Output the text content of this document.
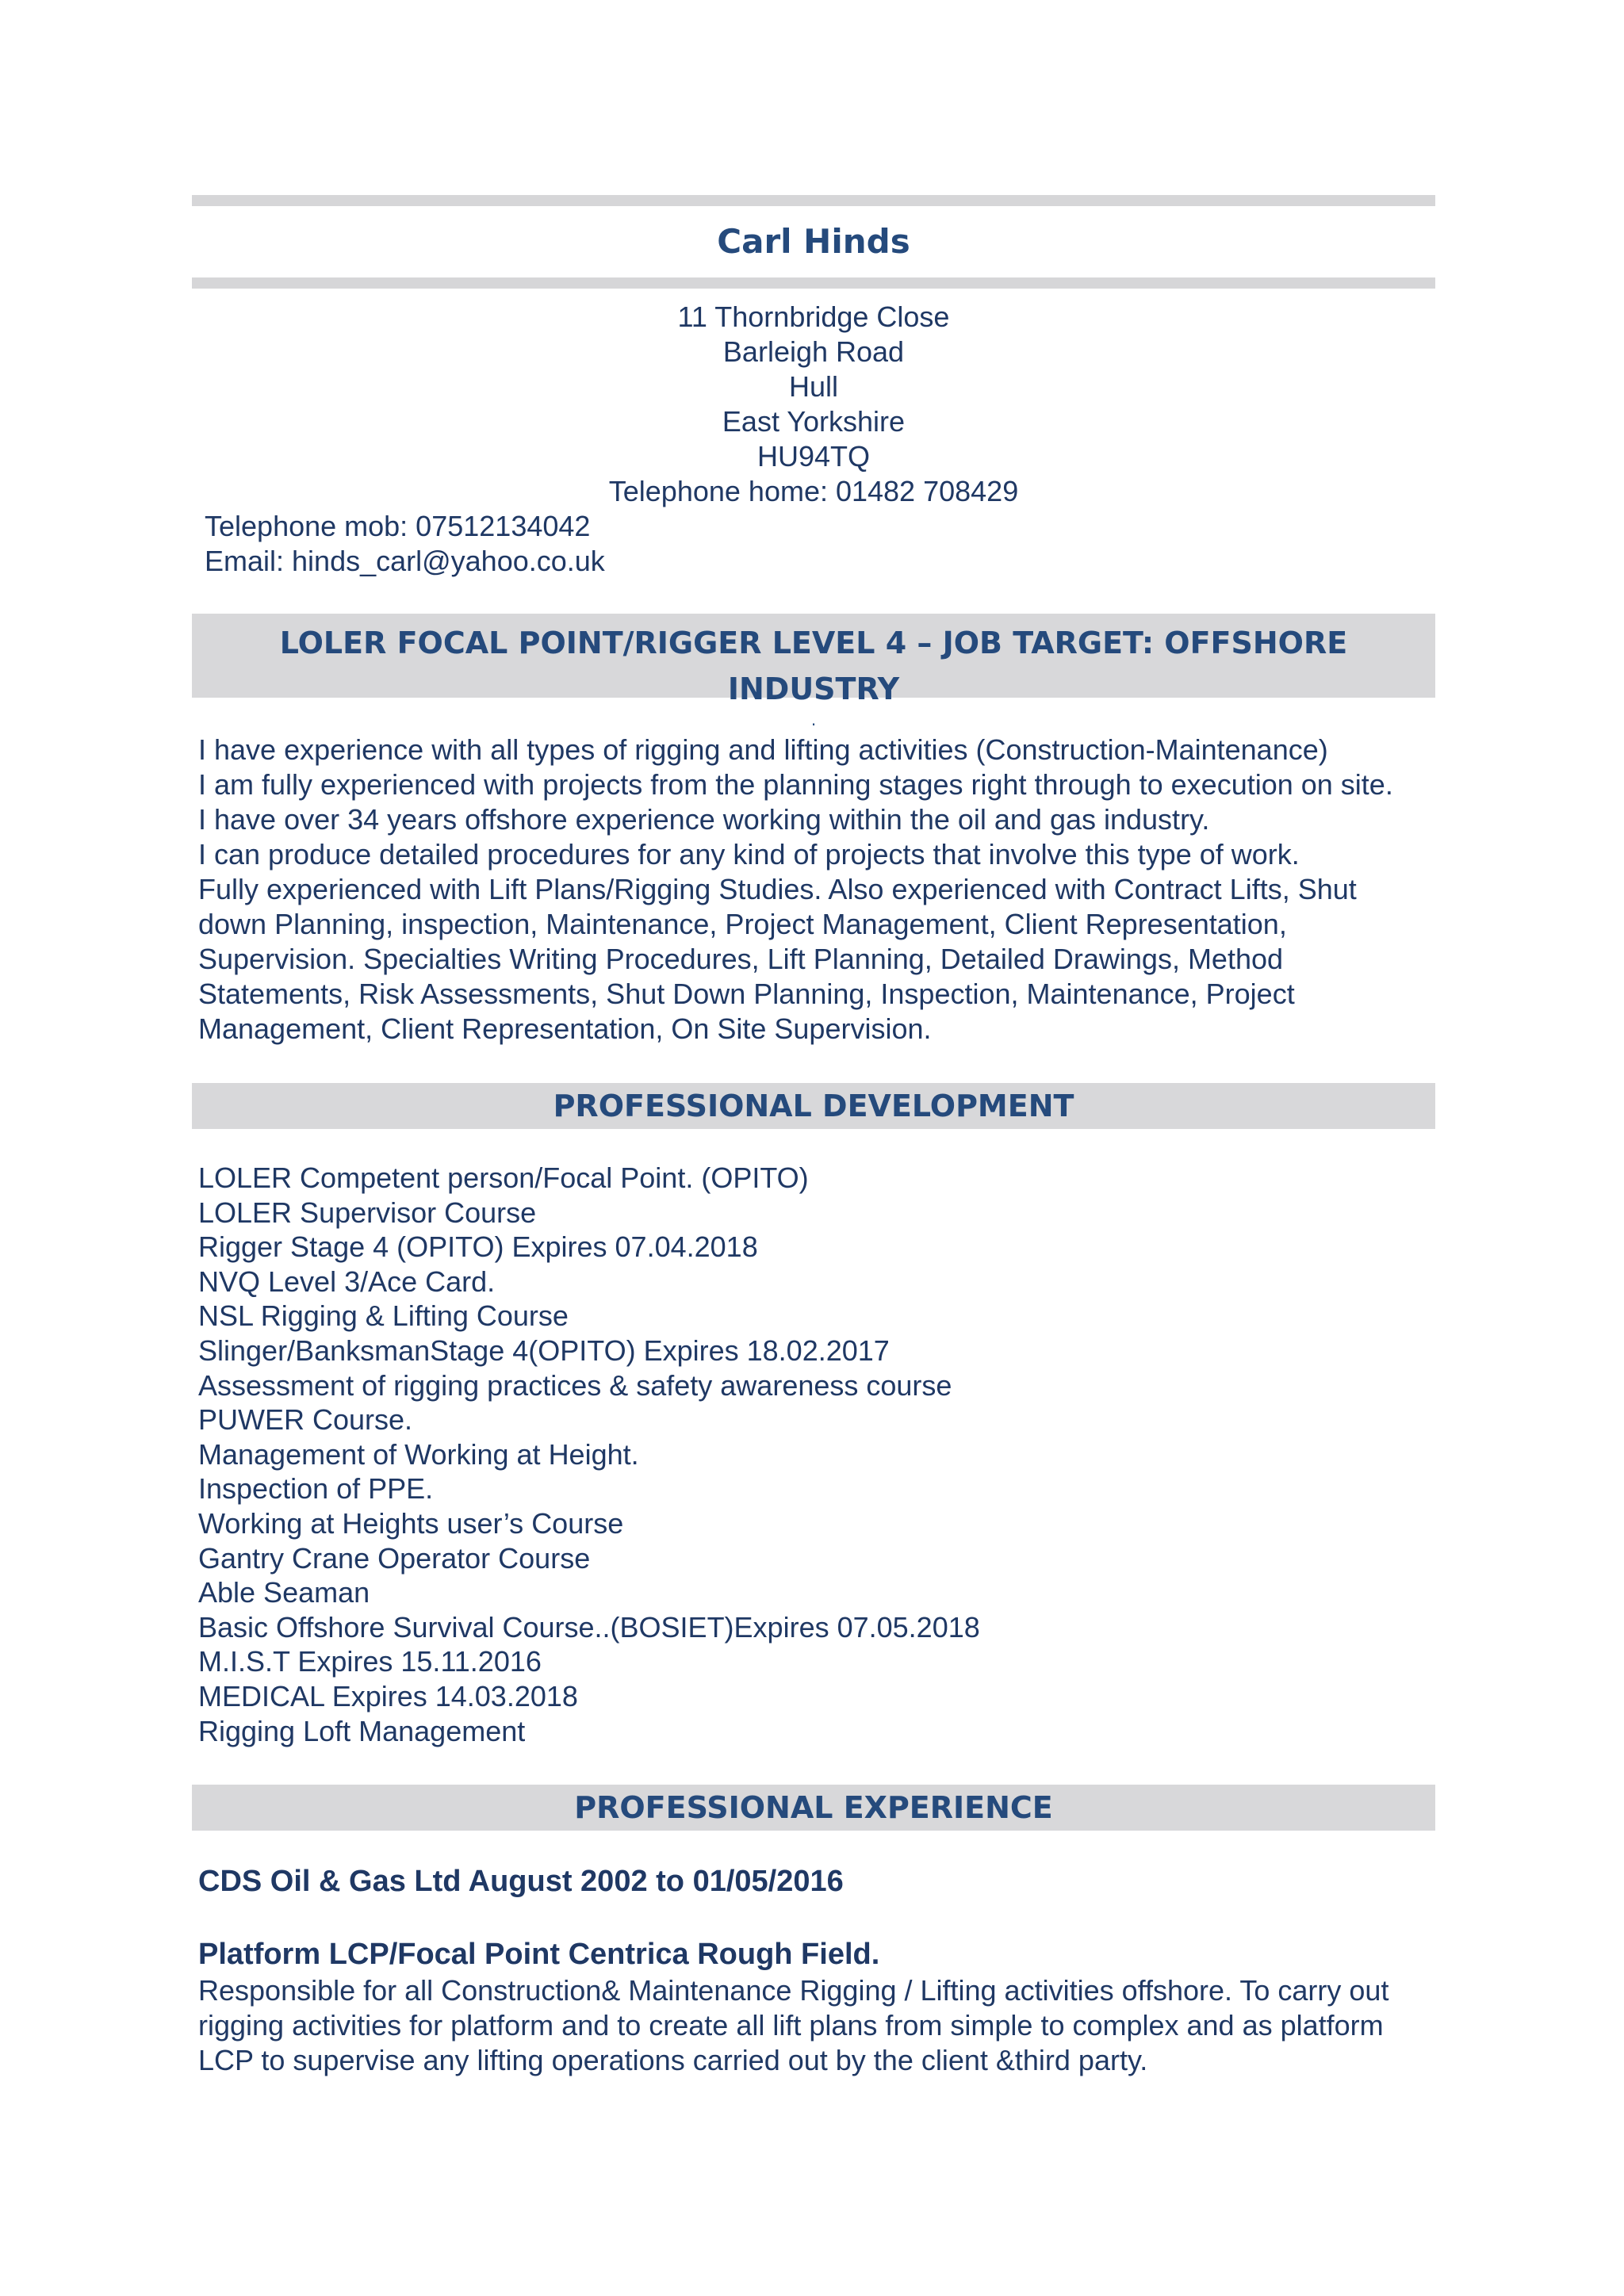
Carl Hinds
11 Thornbridge Close
Barleigh Road
Hull
East Yorkshire
HU94TQ
Telephone home: 01482 708429
Telephone mob: 07512134042
Email: hinds_carl@yahoo.co.uk
LOLER FOCAL POINT/RIGGER LEVEL 4 – JOB TARGET: OFFSHORE INDUSTRY
.
I have experience with all types of rigging and lifting activities (Construction-Maintenance)
I am fully experienced with projects from the planning stages right through to execution on site.
I have over 34 years offshore experience working within the oil and gas industry.
I can produce detailed procedures for any kind of projects that involve this type of work.
Fully experienced with Lift Plans/Rigging Studies. Also experienced with Contract Lifts, Shut down Planning, inspection, Maintenance, Project Management, Client Representation, Supervision. Specialties Writing Procedures, Lift Planning, Detailed Drawings, Method Statements, Risk Assessments, Shut Down Planning, Inspection, Maintenance, Project Management, Client Representation, On Site Supervision.
PROFESSIONAL DEVELOPMENT
LOLER Competent person/Focal Point. (OPITO)
LOLER Supervisor Course
Rigger Stage 4 (OPITO) Expires 07.04.2018
NVQ Level 3/Ace Card.
NSL Rigging & Lifting Course
Slinger/BanksmanStage 4(OPITO) Expires 18.02.2017
Assessment of rigging practices & safety awareness course
PUWER Course.
Management of Working at Height.
Inspection of PPE.
Working at Heights user’s Course
Gantry Crane Operator Course
Able Seaman
Basic Offshore Survival Course..(BOSIET)Expires 07.05.2018
M.I.S.T Expires 15.11.2016
MEDICAL Expires 14.03.2018
Rigging Loft Management
PROFESSIONAL EXPERIENCE
CDS Oil & Gas Ltd August 2002 to 01/05/2016
Platform LCP/Focal Point Centrica Rough Field.
Responsible for all Construction& Maintenance Rigging / Lifting activities offshore. To carry out rigging activities for platform and to create all lift plans from simple to complex and as platform LCP to supervise any lifting operations carried out by the client &third party.
